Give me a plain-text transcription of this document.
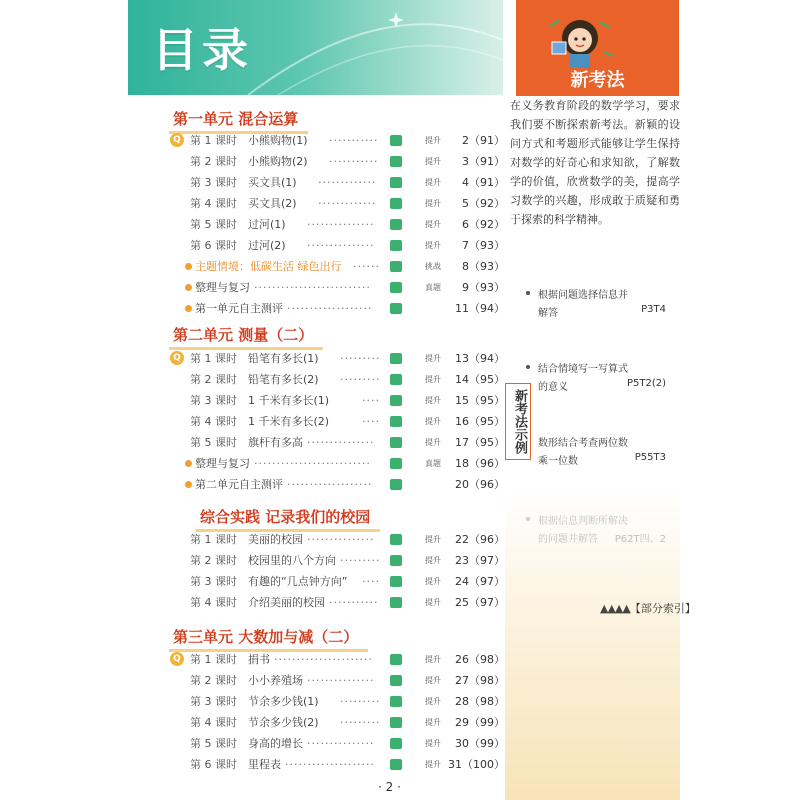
目录
第一单元 混合运算
Q 第 1 课时 小熊购物(1) ···········	提升 2（91）
第 2 课时 小熊购物(2) ···········	提升 3（91）
第 3 课时 买文具(1) ·············	提升 4（91）
第 4 课时 买文具(2) ·············	提升 5（92）
第 5 课时 过河(1) ···············	提升 6（92）
第 6 课时 过河(2) ···············	提升 7（93）
主题情境：低碳生活 绿色出行 ······	挑战 8（93）
整理与复习 ··························	真题 9（93）
第一单元自主测评 ···················	11（94）
第二单元 测量（二）
Q 第 1 课时 铅笔有多长(1) ·········	提升 13（94）
第 2 课时 铅笔有多长(2) ·········	提升 14（95）
第 3 课时 1 千米有多长(1)	····	提升 15（95）
第 4 课时 1 千米有多长(2)	····	提升 16（95）
第 5 课时 旗杆有多高 ···············	提升 17（95）
整理与复习 ··························	真题 18（96）
第二单元自主测评 ···················	20（96）
综合实践 记录我们的校园
第 1 课时 美丽的校园 ···············	提升 22（96）
第 2 课时 校园里的八个方向 ·········	提升 23（97）
第 3 课时 有趣的“几点钟方向” ····	提升 24（97）
第 4 课时 介绍美丽的校园 ···········	提升 25（97）
第三单元 大数加与减（二）
Q 第 1 课时 捐书 ······················	提升 26（98）
第 2 课时 小小养殖场 ···············	提升 27（98）
第 3 课时 节余多少钱(1) ·········	提升 28（98）
第 4 课时 节余多少钱(2) ·········	提升 29（99）
第 5 课时 身高的增长 ···············	提升 30（99）
第 6 课时 里程表 ····················	提升 31（100）
新考法
在义务教育阶段的数学学习，要求我们要不断探索新考法。新颖的设问方式和考题形式能够让学生保持对数学的好奇心和求知欲，了解数学的价值，欣赏数学的美，提高学习数学的兴趣，形成敢于质疑和勇于探索的科学精神。
根据问题选择信息并
解答	P3T4
结合情境写一写算式
的意义	P5T2(2)
数形结合考查两位数
乘一位数	P55T3
新考法示例
▲▲▲▲【部分索引】
· 2 ·
